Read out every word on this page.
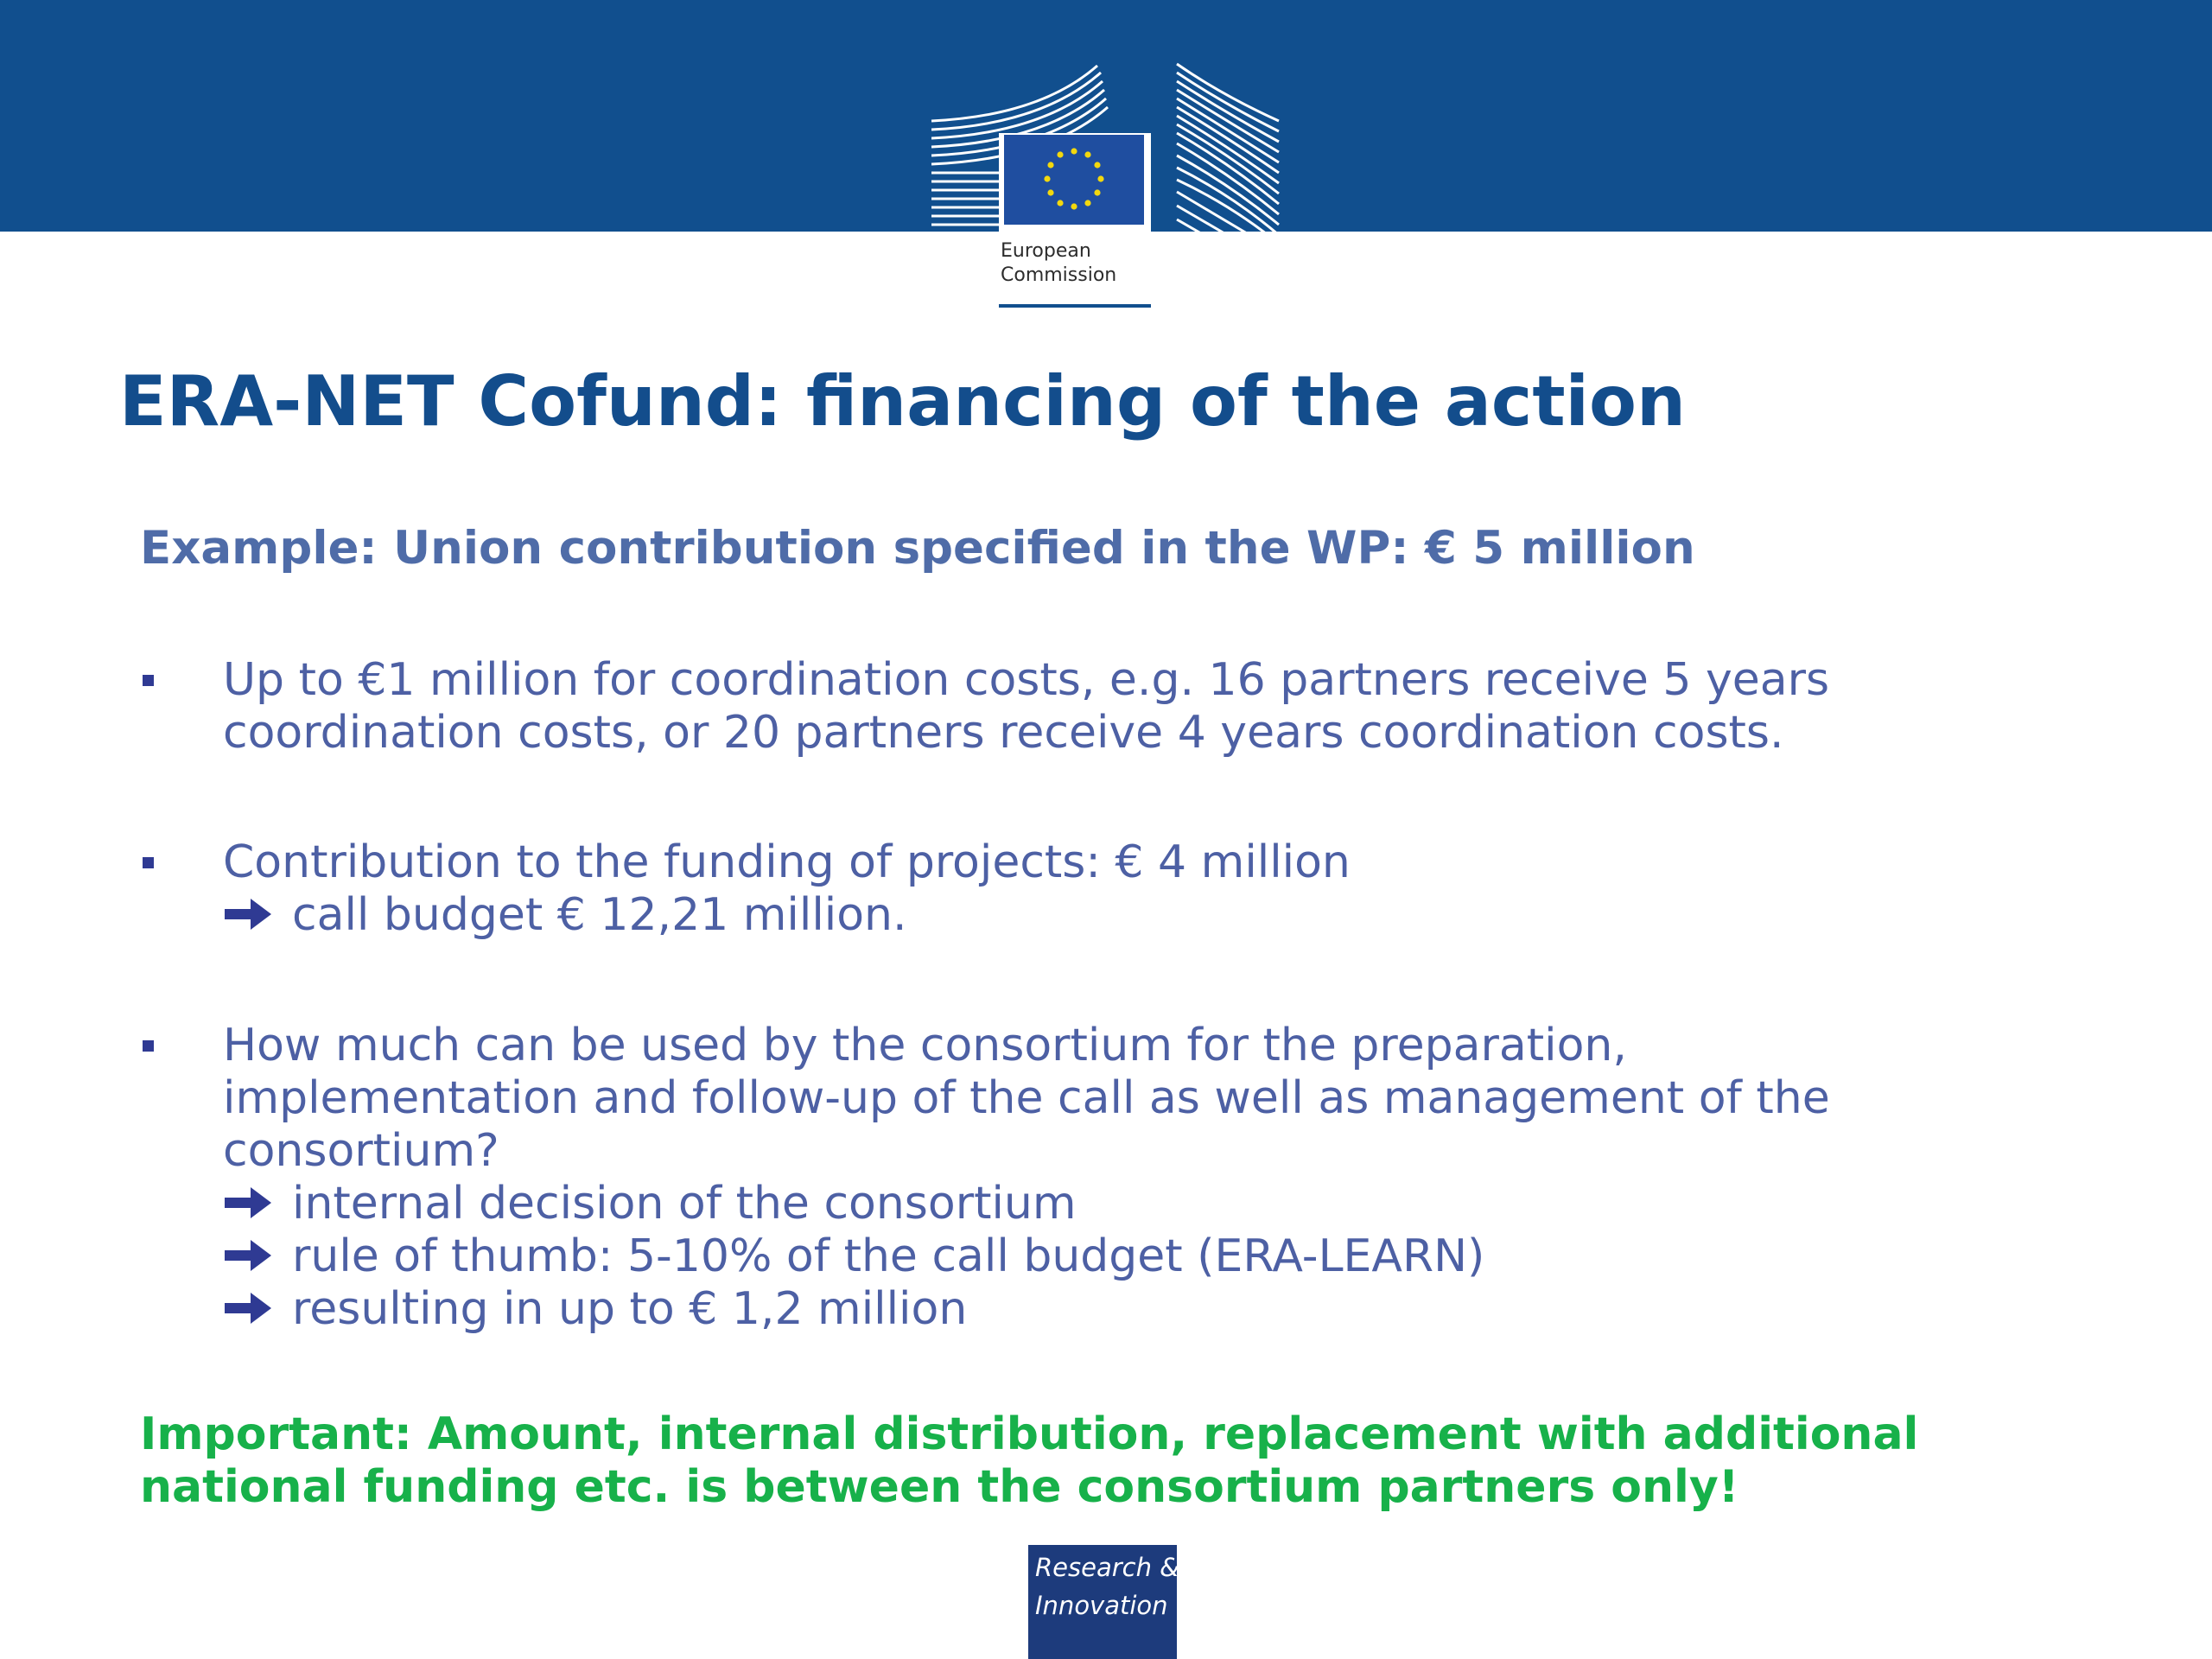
European
Commission
ERA-NET Cofund: financing of the action

Example: Union contribution specified in the WP: € 5 million

Up to €1 million for coordination costs, e.g. 16 partners receive 5 years
coordination costs, or 20 partners receive 4 years coordination costs.
Contribution to the funding of projects: € 4 million
call budget € 12,21 million.
How much can be used by the consortium for the preparation,
implementation and follow-up of the call as well as management of the
consortium?
internal decision of the consortium
rule of thumb: 5-10% of the call budget (ERA-LEARN)
resulting in up to € 1,2 million
Important: Amount, internal distribution, replacement with additional
national funding etc. is between the consortium partners only!
Research &
Innovation
